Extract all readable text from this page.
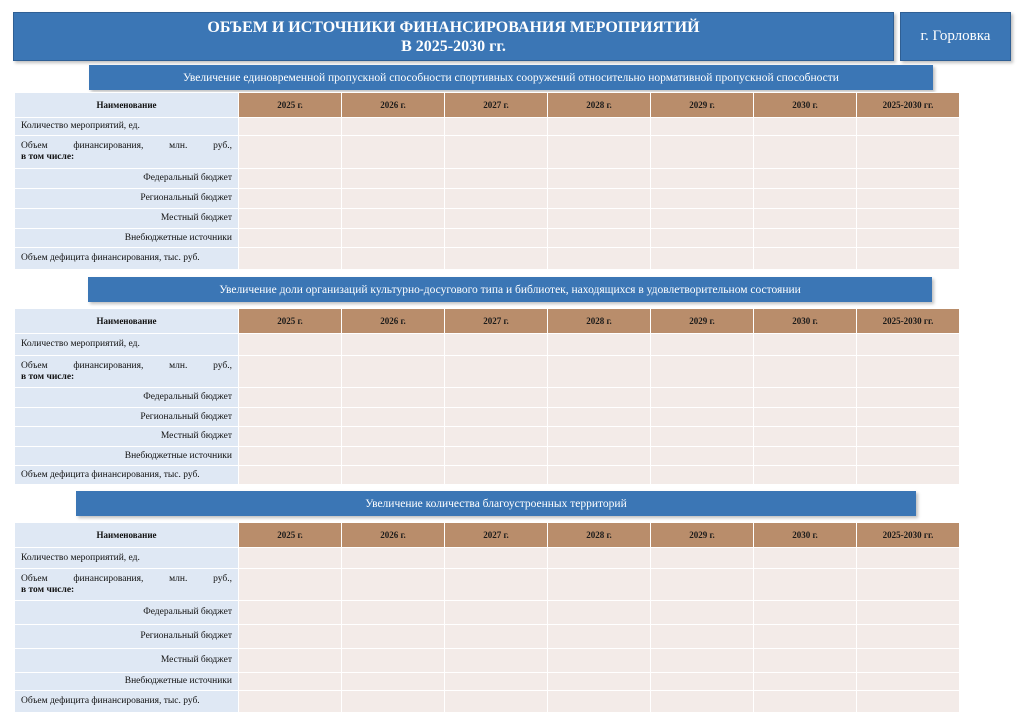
ОБЪЕМ И ИСТОЧНИКИ ФИНАНСИРОВАНИЯ МЕРОПРИЯТИЙ
В 2025-2030 гг.
г. Горловка
Увеличение единовременной пропускной способности спортивных сооружений относительно нормативной пропускной способности
Наименование	2025 г.	2026 г.	2027 г.	2028 г.	2029 г.	2030 г.	2025-2030 гг.
Количество мероприятий, ед.							

Объем финансирования, млн. руб.,
в том числе:							
Федеральный бюджет							
Региональный бюджет							
Местный бюджет							
Внебюджетные источники							
Объем дефицита финансирования, тыс. руб.							
Увеличение доли организаций культурно-досугового типа и библиотек, находящихся в удовлетворительном состоянии
Наименование	2025 г.	2026 г.	2027 г.	2028 г.	2029 г.	2030 г.	2025-2030 гг.
Количество мероприятий, ед.							

Объем финансирования, млн. руб.,
в том числе:							
Федеральный бюджет							
Региональный бюджет							
Местный бюджет							
Внебюджетные источники							
Объем дефицита финансирования, тыс. руб.							
Увеличение количества благоустроенных территорий
Наименование	2025 г.	2026 г.	2027 г.	2028 г.	2029 г.	2030 г.	2025-2030 гг.
Количество мероприятий, ед.							

Объем финансирования, млн. руб.,
в том числе:							
Федеральный бюджет							
Региональный бюджет							
Местный бюджет							
Внебюджетные источники							
Объем дефицита финансирования, тыс. руб.							
